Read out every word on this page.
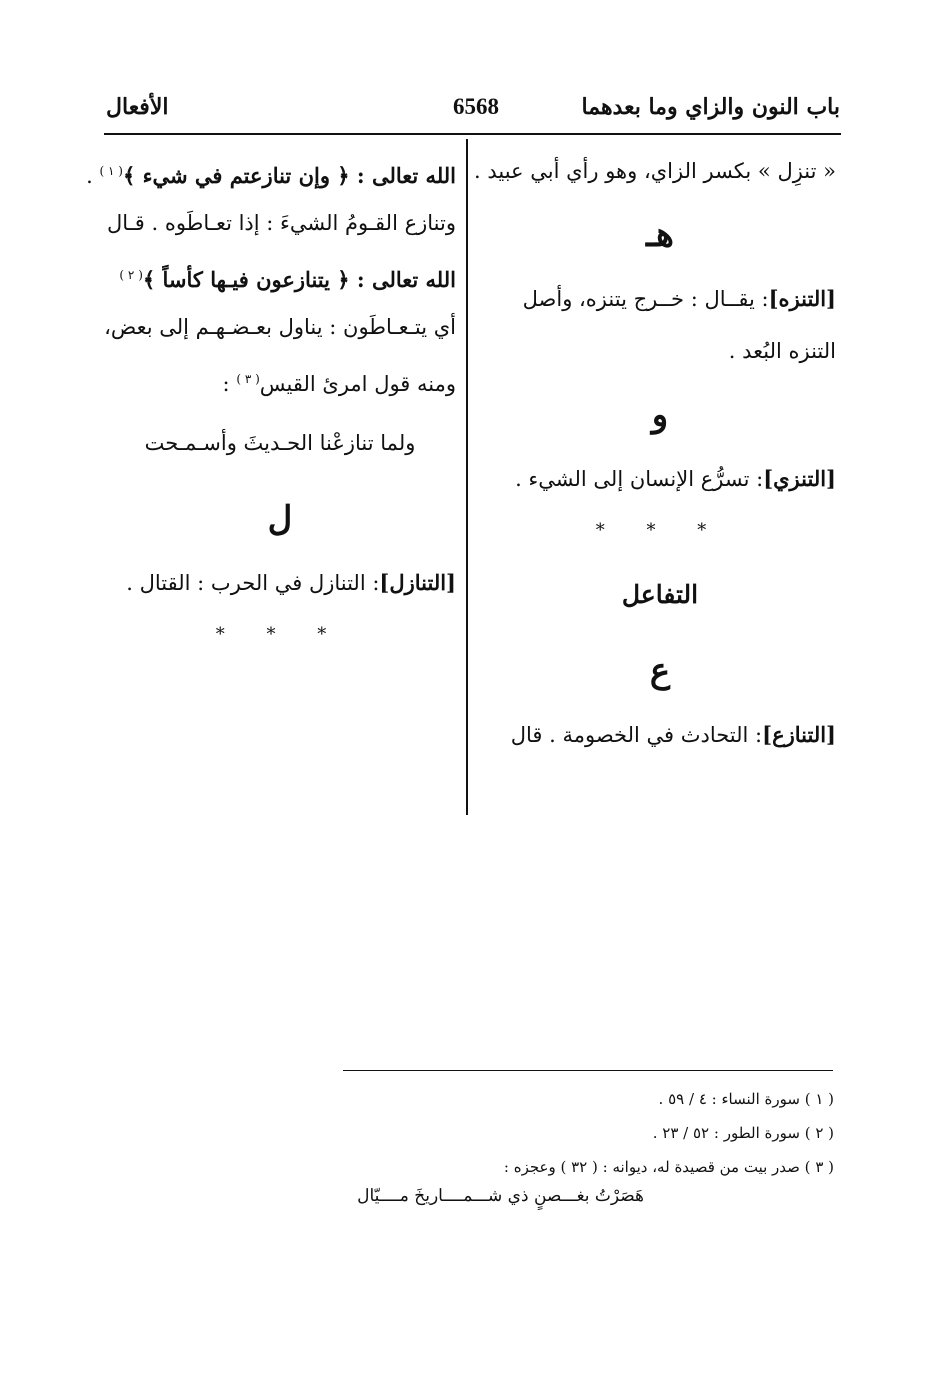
باب النون والزاي وما بعدهما
6568
الأفعال
« تنزِل » بكسر الزاي، وهو رأي أبي عبيد .
هـ
[التنزه]: يقــال : خــرج يتنزه، وأصل
التنزه البُعد .
و
[التنزي]: تسرُّع الإنسان إلى الشيء .
* * *
التفاعل
ع
[التنازع]: التحادث في الخصومة . قال
الله تعالى : ﴿ وإن تنازعتم في شيء ﴾$^{( ١ )}$ .
وتنازع القـومُ الشيءَ : إذا تعـاطَوه . قـال
الله تعالى : ﴿ يتنازعون فيـها كأساً ﴾$^{( ٢ )}$
أي يتـعـاطَون : يناول بعـضـهـم إلى بعض،
ومنه قول امرئ القيس$^{( ٣ )}$ :
ولما تنازعْنا الحـديثَ وأسـمـحت
ل
[التنازل]: التنازل في الحرب : القتال .
* * *
( ١ ) سورة النساء : ٤ / ٥٩ .
( ٢ ) سورة الطور : ٥٢ / ٢٣ .
( ٣ ) صدر بيت من قصيدة له، ديوانه : ( ٣٢ ) وعجزه :
هَصَرْتُ بغـــصنٍ ذي شـــمــــاريخَ مــــيّال
